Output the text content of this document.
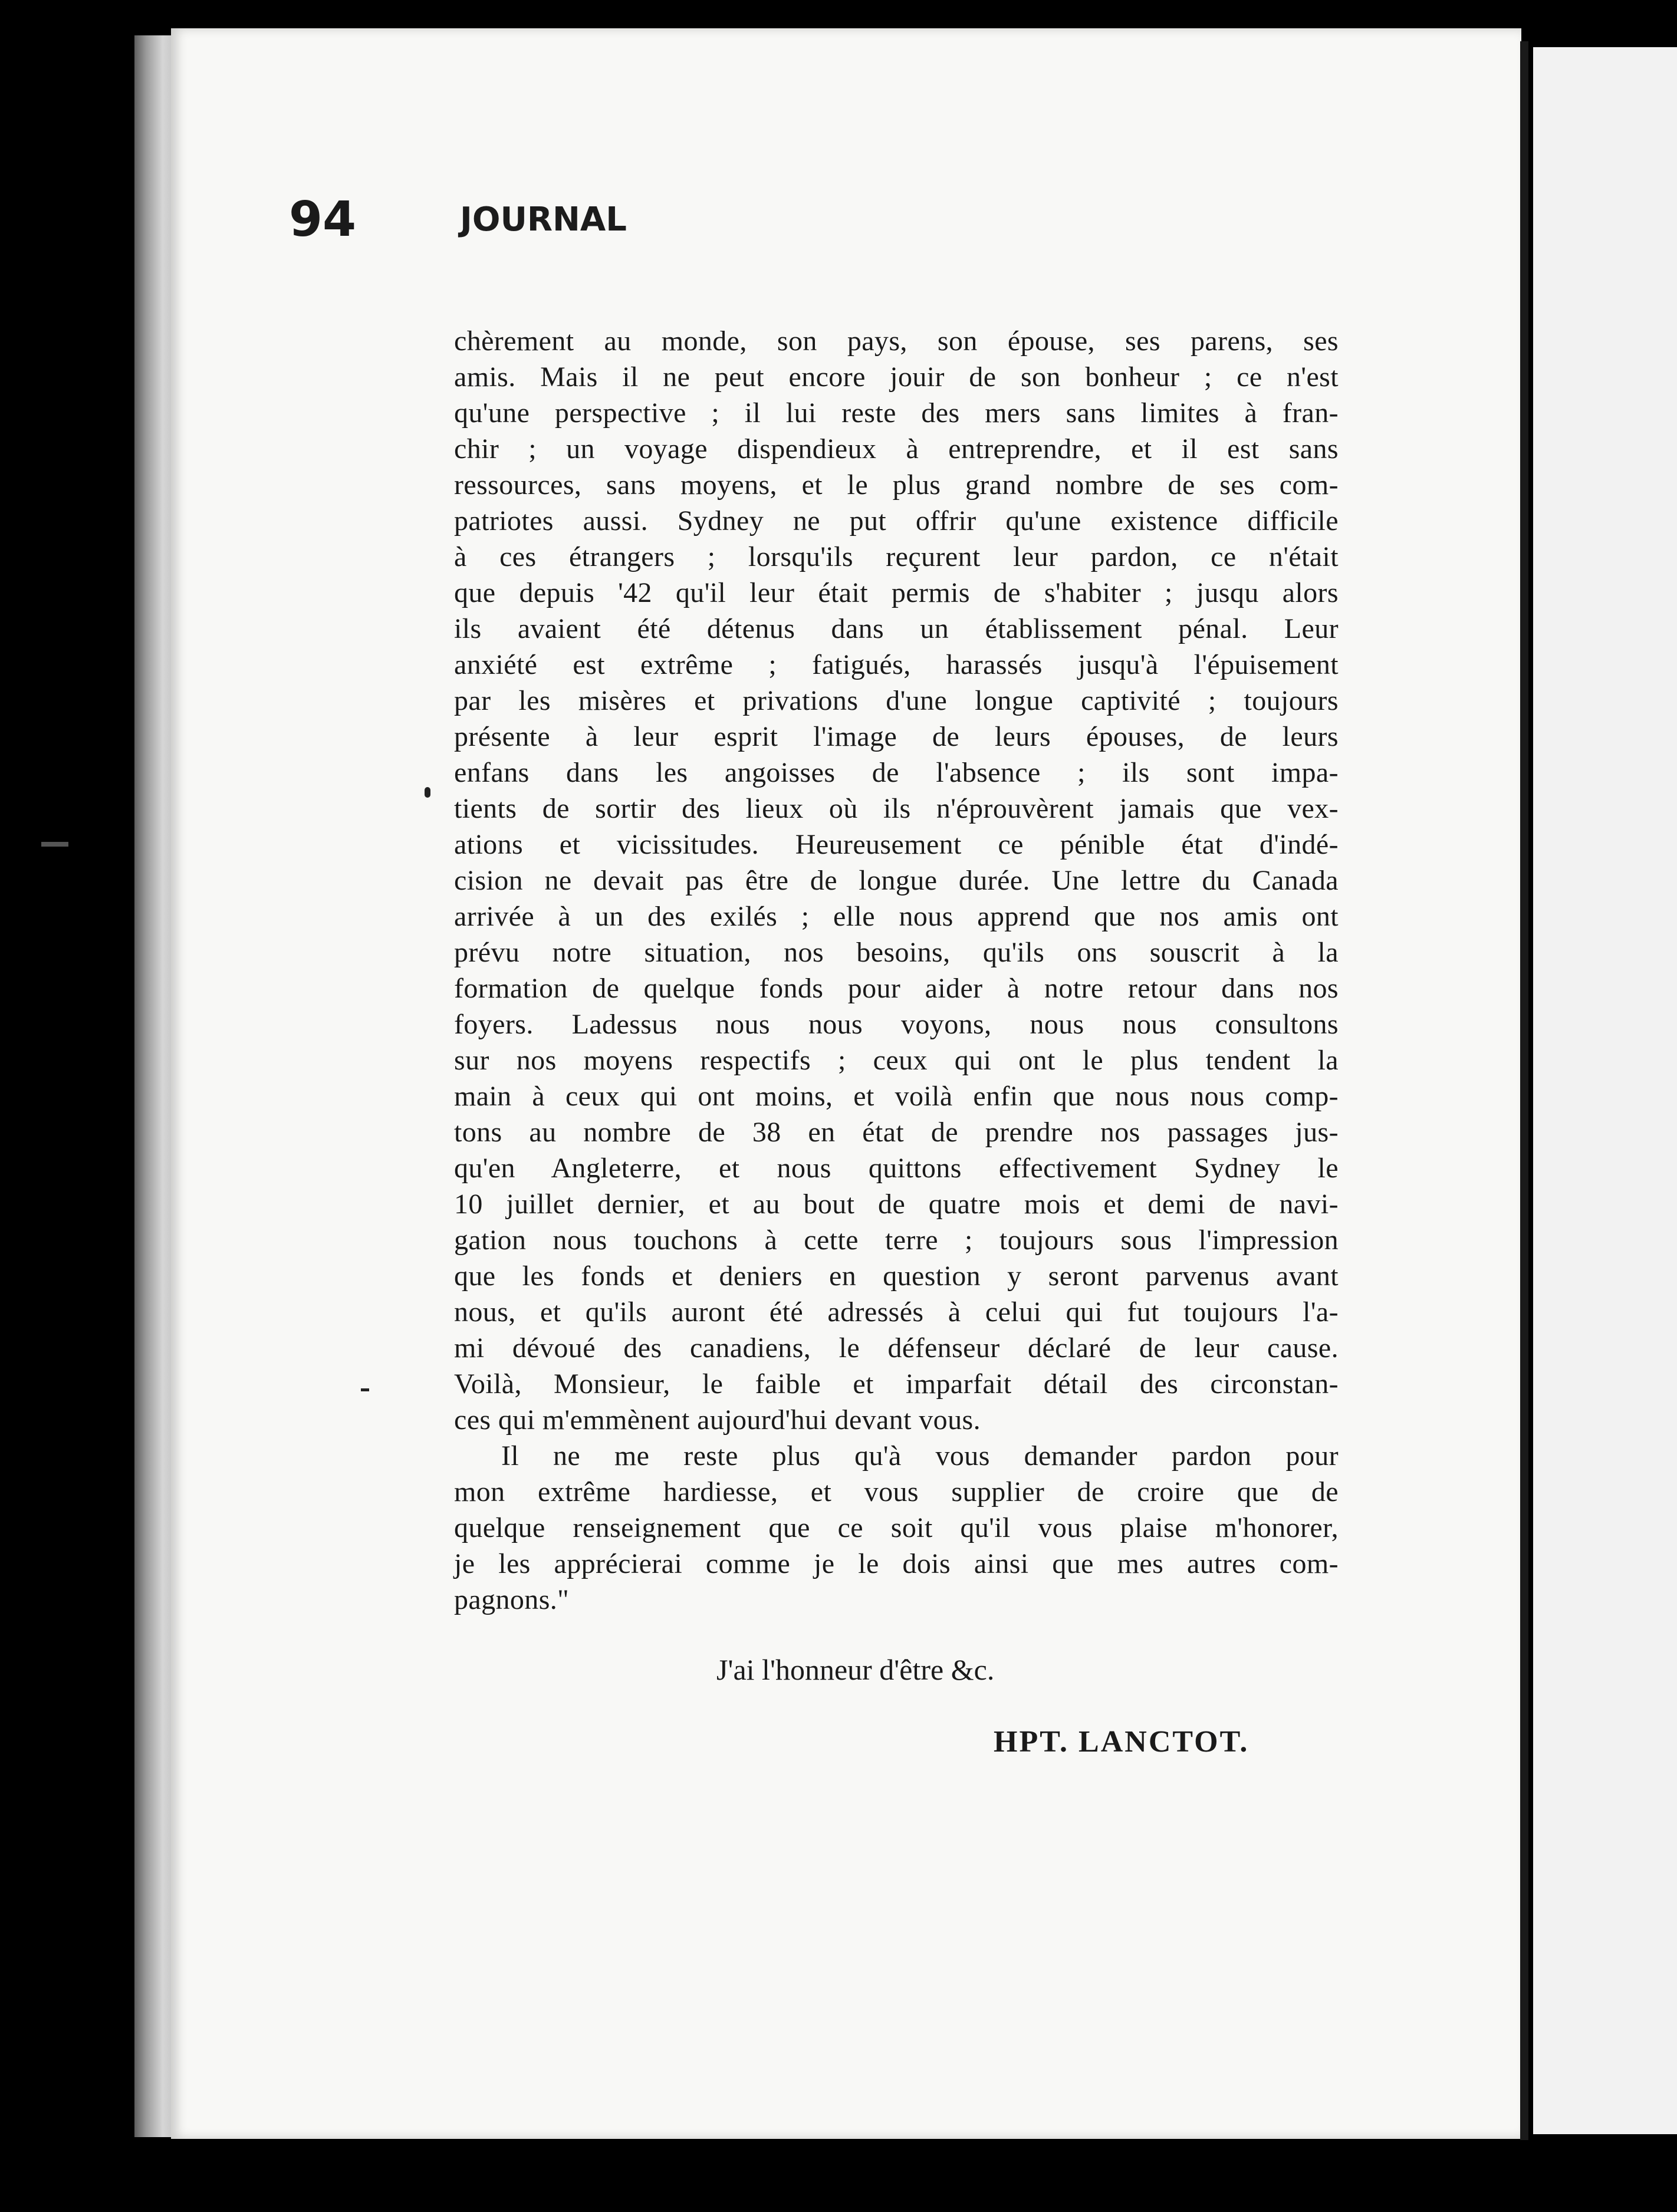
94	JOURNAL

chèrement au monde, son pays, son épouse, ses parens, ses

amis. Mais il ne peut encore jouir de son bonheur ; ce n'est

qu'une perspective ; il lui reste des mers sans limites à fran-

chir ; un voyage dispendieux à entreprendre, et il est sans

ressources, sans moyens, et le plus grand nombre de ses com-

patriotes aussi. Sydney ne put offrir qu'une existence difficile

à ces étrangers ; lorsqu'ils reçurent leur pardon, ce n'était

que depuis '42 qu'il leur était permis de s'habiter ; jusqu alors

ils avaient été détenus dans un établissement pénal. Leur

anxiété est extrême ; fatigués, harassés jusqu'à l'épuisement

par les misères et privations d'une longue captivité ; toujours

présente à leur esprit l'image de leurs épouses, de leurs

enfans dans les angoisses de l'absence ; ils sont impa-

tients de sortir des lieux où ils n'éprouvèrent jamais que vex-

ations et vicissitudes. Heureusement ce pénible état d'indé-

cision ne devait pas être de longue durée. Une lettre du Canada

arrivée à un des exilés ; elle nous apprend que nos amis ont

prévu notre situation, nos besoins, qu'ils ons souscrit à la

formation de quelque fonds pour aider à notre retour dans nos

foyers. Ladessus nous nous voyons, nous nous consultons

sur nos moyens respectifs ; ceux qui ont le plus tendent la

main à ceux qui ont moins, et voilà enfin que nous nous comp-

tons au nombre de 38 en état de prendre nos passages jus-

qu'en Angleterre, et nous quittons effectivement Sydney le

10 juillet dernier, et au bout de quatre mois et demi de navi-

gation nous touchons à cette terre ; toujours sous l'impression

que les fonds et deniers en question y seront parvenus avant

nous, et qu'ils auront été adressés à celui qui fut toujours l'a-

mi dévoué des canadiens, le défenseur déclaré de leur cause.

Voilà, Monsieur, le faible et imparfait détail des circonstan-

ces qui m'emmènent aujourd'hui devant vous.

Il ne me reste plus qu'à vous demander pardon pour

mon extrême hardiesse, et vous supplier de croire que de

quelque renseignement que ce soit qu'il vous plaise m'honorer,

je les apprécierai comme je le dois ainsi que mes autres com-

pagnons."

J'ai l'honneur d'être &c.
HPT. LANCTOT.
